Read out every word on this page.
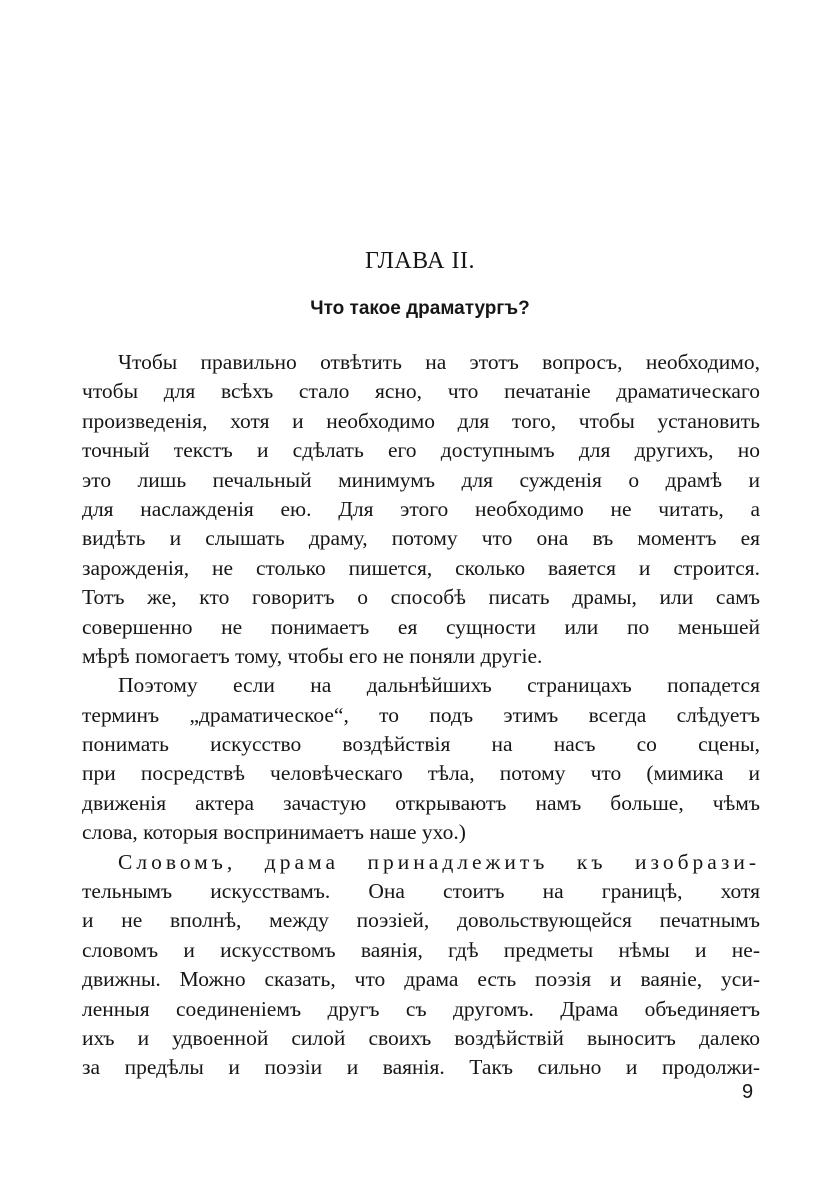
ГЛАВА II.
Что такое драматургъ?
Чтобы правильно отвѣтить на этотъ вопросъ, необходимо,
чтобы для всѣхъ стало ясно, что печатаніе драматическаго
произведенія, хотя и необходимо для того, чтобы установить
точный текстъ и сдѣлать его доступнымъ для другихъ, но
это лишь печальный минимумъ для сужденія о драмѣ и
для наслажденія ею. Для этого необходимо не читать, а
видѣть и слышать драму, потому что она въ моментъ ея
зарожденія, не столько пишется, сколько ваяется и строится.
Тотъ же, кто говоритъ о способѣ писать драмы, или самъ
совершенно не понимаетъ ея сущности или по меньшей
мѣрѣ помогаетъ тому, чтобы его не поняли другіе.
Поэтому если на дальнѣйшихъ страницахъ попадется
терминъ „драматическое“, то подъ этимъ всегда слѣдуетъ
понимать искусство воздѣйствія на насъ со сцены,
при посредствѣ человѣческаго тѣла, потому что (мимика и
движенія актера зачастую открываютъ намъ больше, чѣмъ
слова, которыя воспринимаетъ наше ухо.)
Словомъ, драма принадлежитъ къ изобрази-
тельнымъ искусствамъ. Она стоитъ на границѣ, хотя
и не вполнѣ, между поэзіей, довольствующейся печатнымъ
словомъ и искусствомъ ваянія, гдѣ предметы нѣмы и не-
движны. Можно сказать, что драма есть поэзія и ваяніе, уси-
ленныя соединеніемъ другъ съ другомъ. Драма объединяетъ
ихъ и удвоенной силой своихъ воздѣйствій выноситъ далеко
за предѣлы и поэзіи и ваянія. Такъ сильно и продолжи-
9
